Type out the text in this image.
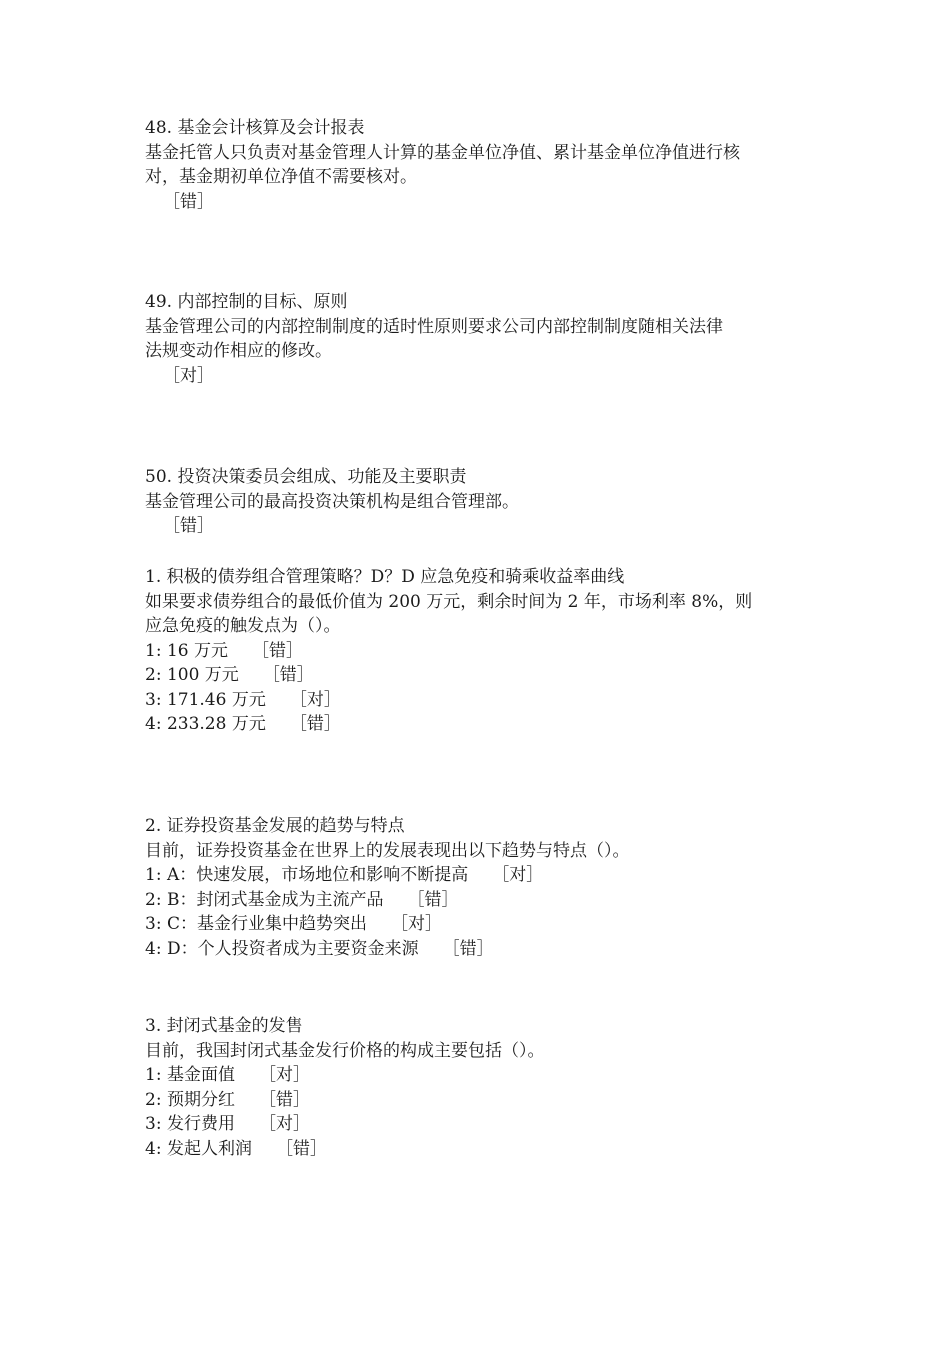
48. 基金会计核算及会计报表
基金托管人只负责对基金管理人计算的基金单位净值、累计基金单位净值进行核
对，基金期初单位净值不需要核对。
［错］
49. 内部控制的目标、原则
基金管理公司的内部控制制度的适时性原则要求公司内部控制制度随相关法律
法规变动作相应的修改。
［对］
50. 投资决策委员会组成、功能及主要职责
基金管理公司的最高投资决策机构是组合管理部。
［错］
1. 积极的债券组合管理策略？D？D 应急免疫和骑乘收益率曲线
如果要求债券组合的最低价值为 200 万元，剩余时间为 2 年，市场利率 8%，则
应急免疫的触发点为（）。
1: 16 万元 ［错］
2: 100 万元 ［错］
3: 171.46 万元 ［对］
4: 233.28 万元 ［错］
2. 证券投资基金发展的趋势与特点
目前，证券投资基金在世界上的发展表现出以下趋势与特点（）。
1: A：快速发展，市场地位和影响不断提高 ［对］
2: B：封闭式基金成为主流产品 ［错］
3: C：基金行业集中趋势突出 ［对］
4: D：个人投资者成为主要资金来源 ［错］
3. 封闭式基金的发售
目前，我国封闭式基金发行价格的构成主要包括（）。
1: 基金面值 ［对］
2: 预期分红 ［错］
3: 发行费用 ［对］
4: 发起人利润 ［错］
